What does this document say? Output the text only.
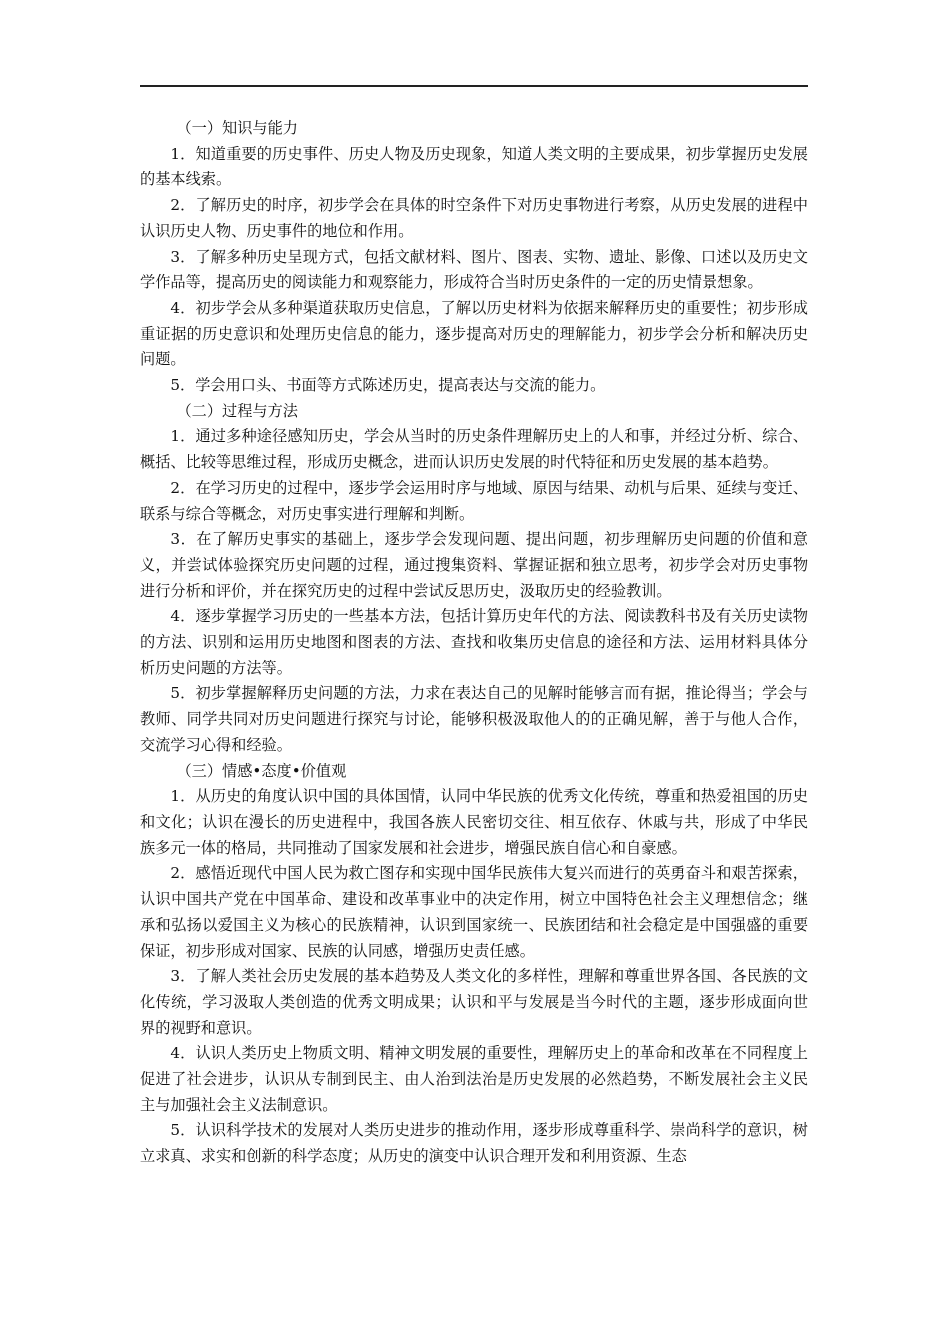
（一）知识与能力

1．知道重要的历史事件、历史人物及历史现象，知道人类文明的主要成果，初步掌握历史发展的基本线索。

2．了解历史的时序，初步学会在具体的时空条件下对历史事物进行考察，从历史发展的进程中认识历史人物、历史事件的地位和作用。

3．了解多种历史呈现方式，包括文献材料、图片、图表、实物、遗址、影像、口述以及历史文学作品等，提高历史的阅读能力和观察能力，形成符合当时历史条件的一定的历史情景想象。

4．初步学会从多种渠道获取历史信息，了解以历史材料为依据来解释历史的重要性；初步形成重证据的历史意识和处理历史信息的能力，逐步提高对历史的理解能力，初步学会分析和解决历史问题。

5．学会用口头、书面等方式陈述历史，提高表达与交流的能力。

（二）过程与方法

1．通过多种途径感知历史，学会从当时的历史条件理解历史上的人和事，并经过分析、综合、概括、比较等思维过程，形成历史概念，进而认识历史发展的时代特征和历史发展的基本趋势。

2．在学习历史的过程中，逐步学会运用时序与地域、原因与结果、动机与后果、延续与变迁、联系与综合等概念，对历史事实进行理解和判断。

3．在了解历史事实的基础上，逐步学会发现问题、提出问题，初步理解历史问题的价值和意义，并尝试体验探究历史问题的过程，通过搜集资料、掌握证据和独立思考，初步学会对历史事物进行分析和评价，并在探究历史的过程中尝试反思历史，汲取历史的经验教训。

4．逐步掌握学习历史的一些基本方法，包括计算历史年代的方法、阅读教科书及有关历史读物的方法、识别和运用历史地图和图表的方法、查找和收集历史信息的途径和方法、运用材料具体分析历史问题的方法等。

5．初步掌握解释历史问题的方法，力求在表达自己的见解时能够言而有据，推论得当；学会与教师、同学共同对历史问题进行探究与讨论，能够积极汲取他人的的正确见解，善于与他人合作，交流学习心得和经验。

（三）情感•态度•价值观

1．从历史的角度认识中国的具体国情，认同中华民族的优秀文化传统，尊重和热爱祖国的历史和文化；认识在漫长的历史进程中，我国各族人民密切交往、相互依存、休戚与共，形成了中华民族多元一体的格局，共同推动了国家发展和社会进步，增强民族自信心和自豪感。

2．感悟近现代中国人民为救亡图存和实现中国华民族伟大复兴而进行的英勇奋斗和艰苦探索，认识中国共产党在中国革命、建设和改革事业中的决定作用，树立中国特色社会主义理想信念；继承和弘扬以爱国主义为核心的民族精神，认识到国家统一、民族团结和社会稳定是中国强盛的重要保证，初步形成对国家、民族的认同感，增强历史责任感。

3．了解人类社会历史发展的基本趋势及人类文化的多样性，理解和尊重世界各国、各民族的文化传统，学习汲取人类创造的优秀文明成果；认识和平与发展是当今时代的主题，逐步形成面向世界的视野和意识。

4．认识人类历史上物质文明、精神文明发展的重要性，理解历史上的革命和改革在不同程度上促进了社会进步，认识从专制到民主、由人治到法治是历史发展的必然趋势，不断发展社会主义民主与加强社会主义法制意识。

5．认识科学技术的发展对人类历史进步的推动作用，逐步形成尊重科学、崇尚科学的意识，树立求真、求实和创新的科学态度；从历史的演变中认识合理开发和利用资源、生态
